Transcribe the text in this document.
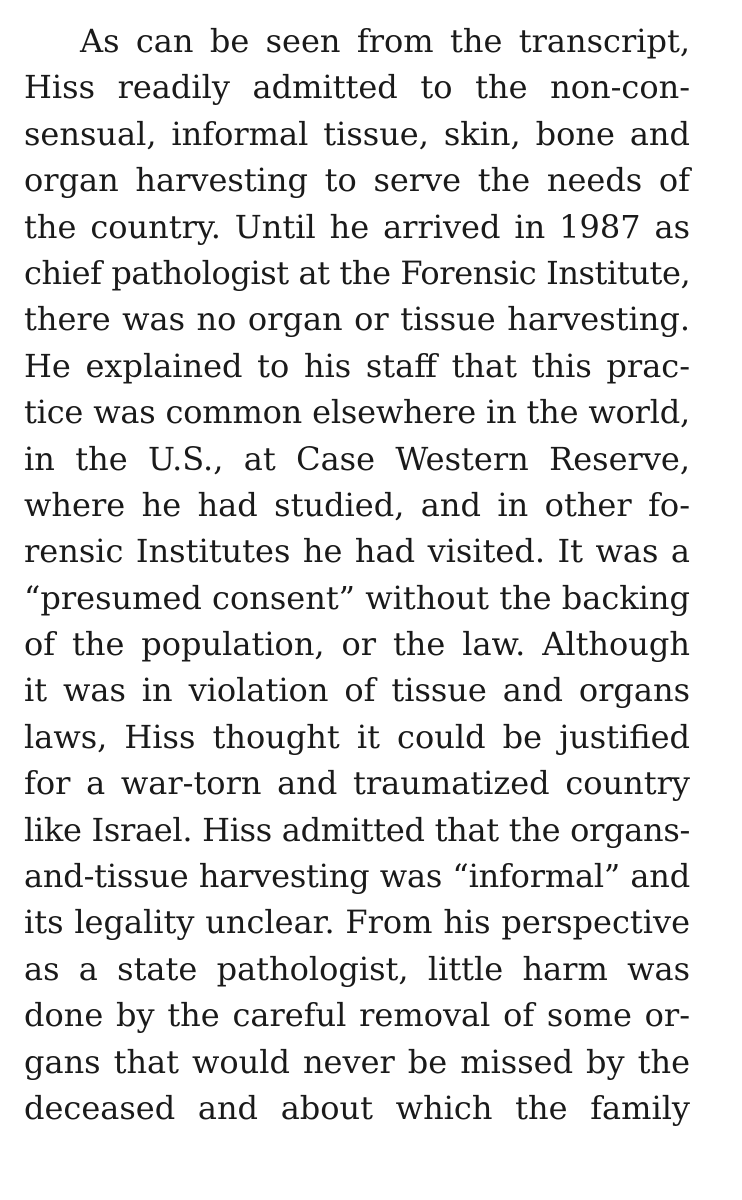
As can be seen from the transcript,
Hiss readily admitted to the non-con-
sensual, informal tissue, skin, bone and
organ harvesting to serve the needs of
the country. Until he arrived in 1987 as
chief pathologist at the Forensic Institute,
there was no organ or tissue harvesting.
He explained to his staff that this prac-
tice was common elsewhere in the world,
in the U.S., at Case Western Reserve,
where he had studied, and in other fo-
rensic Institutes he had visited. It was a
“presumed consent” without the backing
of the population, or the law. Although
it was in violation of tissue and organs
laws, Hiss thought it could be justified
for a war-torn and traumatized country
like Israel. Hiss admitted that the organs-
and-tissue harvesting was “informal” and
its legality unclear. From his perspective
as a state pathologist, little harm was
done by the careful removal of some or-
gans that would never be missed by the
deceased and about which the family
